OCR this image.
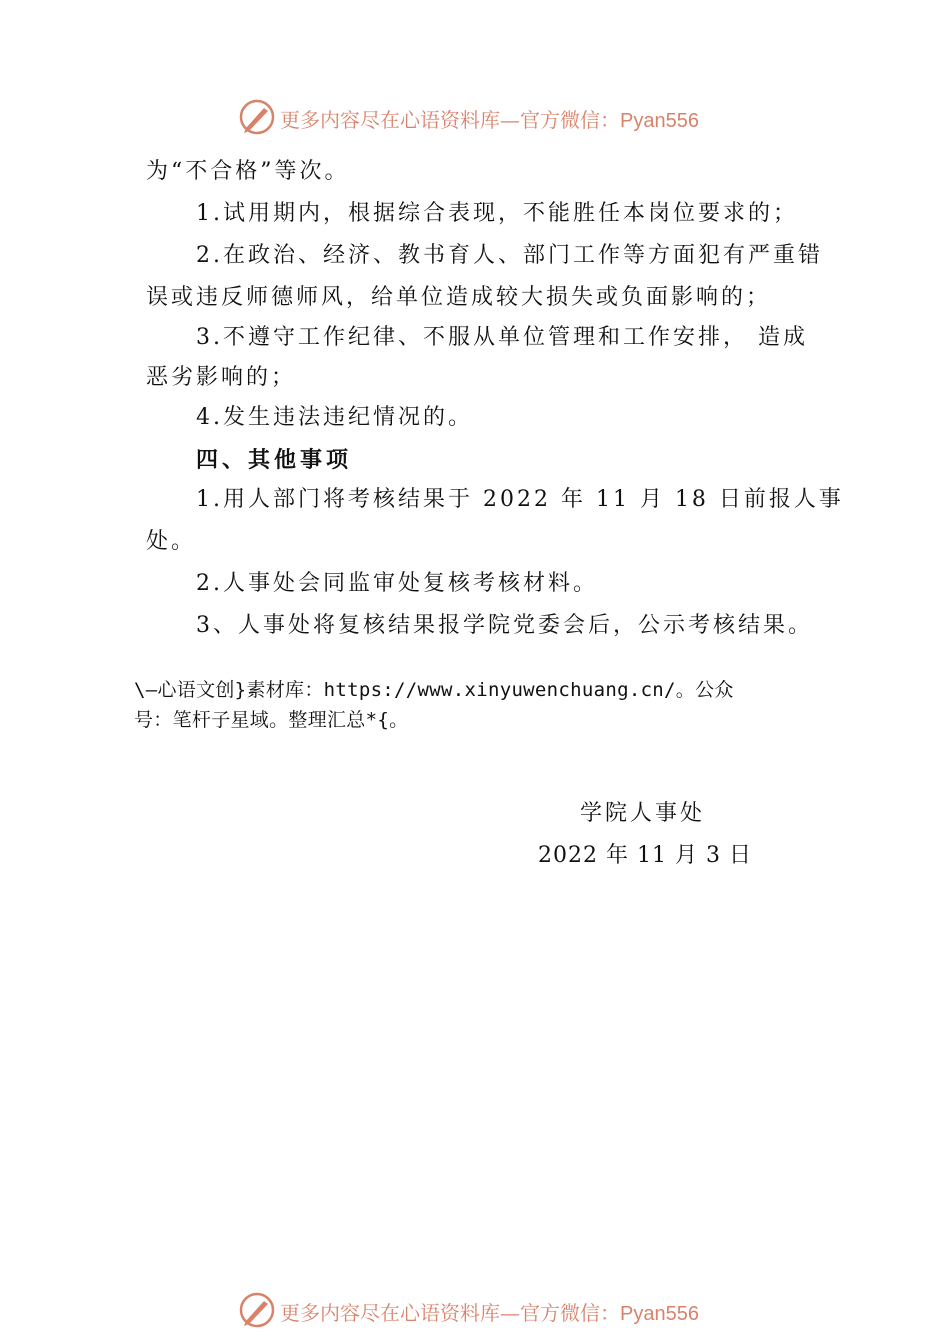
更多内容尽在心语资料库—官方微信：Pyan556
为“不合格”等次。
1.试用期内，根据综合表现，不能胜任本岗位要求的；
2.在政治、经济、教书育人、部门工作等方面犯有严重错
误或违反师德师风，给单位造成较大损失或负面影响的；
3.不遵守工作纪律、不服从单位管理和工作安排， 造成
恶劣影响的；
4.发生违法违纪情况的。
四、其他事项
1.用人部门将考核结果于 2022 年 11 月 18 日前报人事
处。
2.人事处会同监审处复核考核材料。
3、人事处将复核结果报学院党委会后，公示考核结果。
\—心语文创}素材库：https://www.xinyuwenchuang.cn/。公众
号：笔杆子星域。整理汇总*{。
学院人事处
2022 年 11 月 3 日
更多内容尽在心语资料库—官方微信：Pyan556
